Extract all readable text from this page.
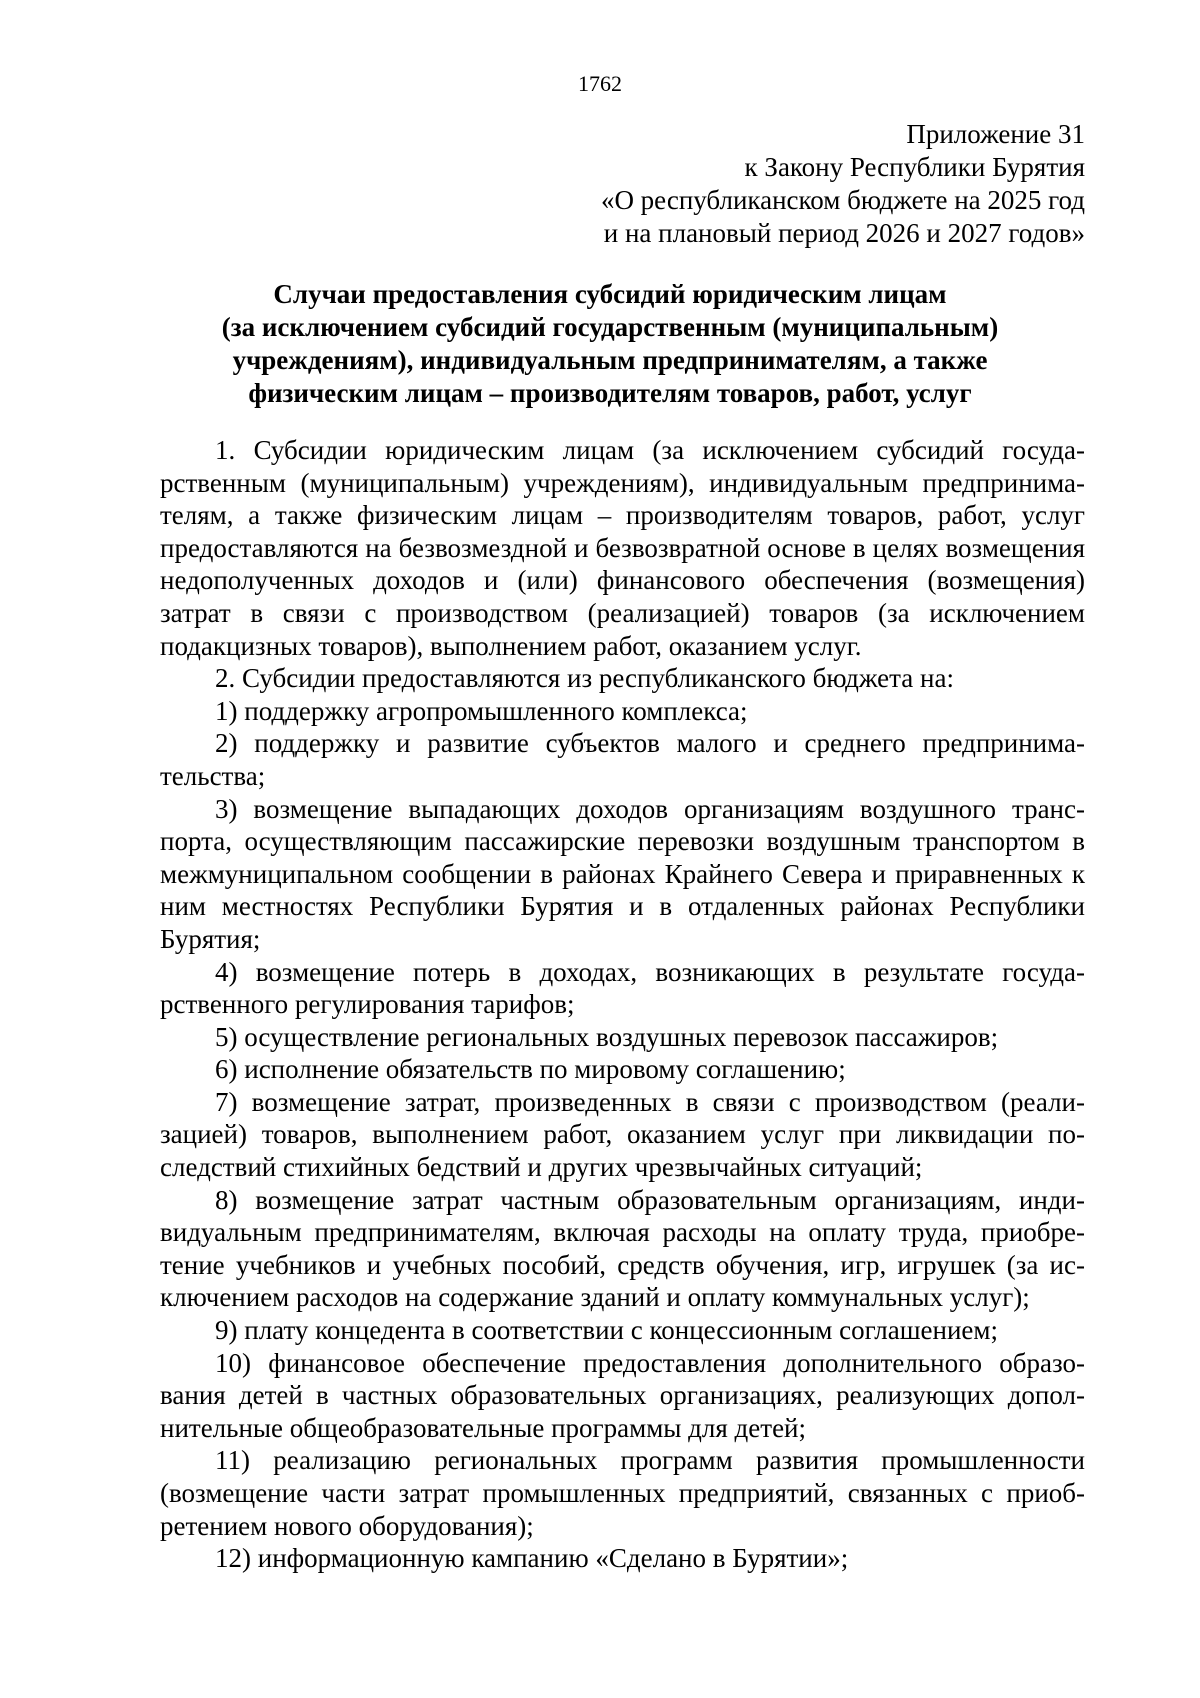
1762
Приложение 31
к Закону Республики Бурятия
«О республиканском бюджете на 2025 год
и на плановый период 2026 и 2027 годов»
Случаи предоставления субсидий юридическим лицам
(за исключением субсидий государственным (муниципальным)
учреждениям), индивидуальным предпринимателям, а также
физическим лицам – производителям товаров, работ, услуг

1. Субсидии юридическим лицам (за исключением субсидий государственным (муниципальным) учреждениям), индивидуальным предпринимателям, а также физическим лицам – производителям товаров, работ, услуг предоставляются на безвозмездной и безвозвратной основе в целях возмещения недополученных доходов и (или) финансового обеспечения (возмещения) затрат в связи с производством (реализацией) товаров (за исключением подакцизных товаров), выполнением работ, оказанием услуг.

2. Субсидии предоставляются из республиканского бюджета на:

1) поддержку агропромышленного комплекса;

2) поддержку и развитие субъектов малого и среднего предпринимательства;

3) возмещение выпадающих доходов организациям воздушного транспорта, осуществляющим пассажирские перевозки воздушным транспортом в межмуниципальном сообщении в районах Крайнего Севера и приравненных к ним местностях Республики Бурятия и в отдаленных районах Республики Бурятия;

4) возмещение потерь в доходах, возникающих в результате государственного регулирования тарифов;

5) осуществление региональных воздушных перевозок пассажиров;

6) исполнение обязательств по мировому соглашению;

7) возмещение затрат, произведенных в связи с производством (реализацией) товаров, выполнением работ, оказанием услуг при ликвидации последствий стихийных бедствий и других чрезвычайных ситуаций;

8) возмещение затрат частным образовательным организациям, индивидуальным предпринимателям, включая расходы на оплату труда, приобретение учебников и учебных пособий, средств обучения, игр, игрушек (за исключением расходов на содержание зданий и оплату коммунальных услуг);

9) плату концедента в соответствии с концессионным соглашением;

10) финансовое обеспечение предоставления дополнительного образования детей в частных образовательных организациях, реализующих дополнительные общеобразовательные программы для детей;

11) реализацию региональных программ развития промышленности (возмещение части затрат промышленных предприятий, связанных с приобретением нового оборудования);

12) информационную кампанию «Сделано в Бурятии»;
